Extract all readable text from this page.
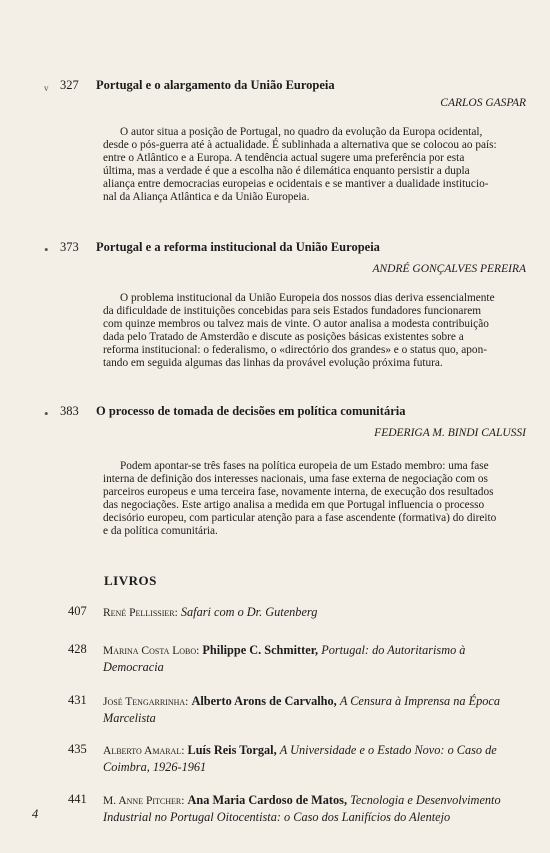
v 327 Portugal e o alargamento da União Europeia
CARLOS GASPAR
O autor situa a posição de Portugal, no quadro da evolução da Europa ocidental,
desde o pós-guerra até à actualidade. É sublinhada a alternativa que se colocou ao país:
entre o Atlântico e a Europa. A tendência actual sugere uma preferência por esta
última, mas a verdade é que a escolha não é dilemática enquanto persistir a dupla
aliança entre democracias europeias e ocidentais e se mantiver a dualidade institucio-
nal da Aliança Atlântica e da União Europeia.
• 373 Portugal e a reforma institucional da União Europeia
ANDRÉ GONÇALVES PEREIRA
O problema institucional da União Europeia dos nossos dias deriva essencialmente
da dificuldade de instituições concebidas para seis Estados fundadores funcionarem
com quinze membros ou talvez mais de vinte. O autor analisa a modesta contribuição
dada pelo Tratado de Amsterdão e discute as posições básicas existentes sobre a
reforma institucional: o federalismo, o «directório dos grandes» e o status quo, apon-
tando em seguida algumas das linhas da provável evolução próxima futura.
• 383 O processo de tomada de decisões em política comunitária
FEDERIGA M. BINDI CALUSSI
Podem apontar-se três fases na política europeia de um Estado membro: uma fase
interna de definição dos interesses nacionais, uma fase externa de negociação com os
parceiros europeus e uma terceira fase, novamente interna, de execução dos resultados
das negociações. Este artigo analisa a medida em que Portugal influencia o processo
decisório europeu, com particular atenção para a fase ascendente (formativa) do direito
e da política comunitária.
LIVROS
407 René Pellissier: Safari com o Dr. Gutenberg
428 Marina Costa Lobo: Philippe C. Schmitter, Portugal: do Autoritarismo à
Democracia
431 José Tengarrinha: Alberto Arons de Carvalho, A Censura à Imprensa na Época
Marcelista
435 Alberto Amaral: Luís Reis Torgal, A Universidade e o Estado Novo: o Caso de
Coimbra, 1926-1961
441 M. Anne Pitcher: Ana Maria Cardoso de Matos, Tecnologia e Desenvolvimento
Industrial no Portugal Oitocentista: o Caso dos Lanifícios do Alentejo
4
